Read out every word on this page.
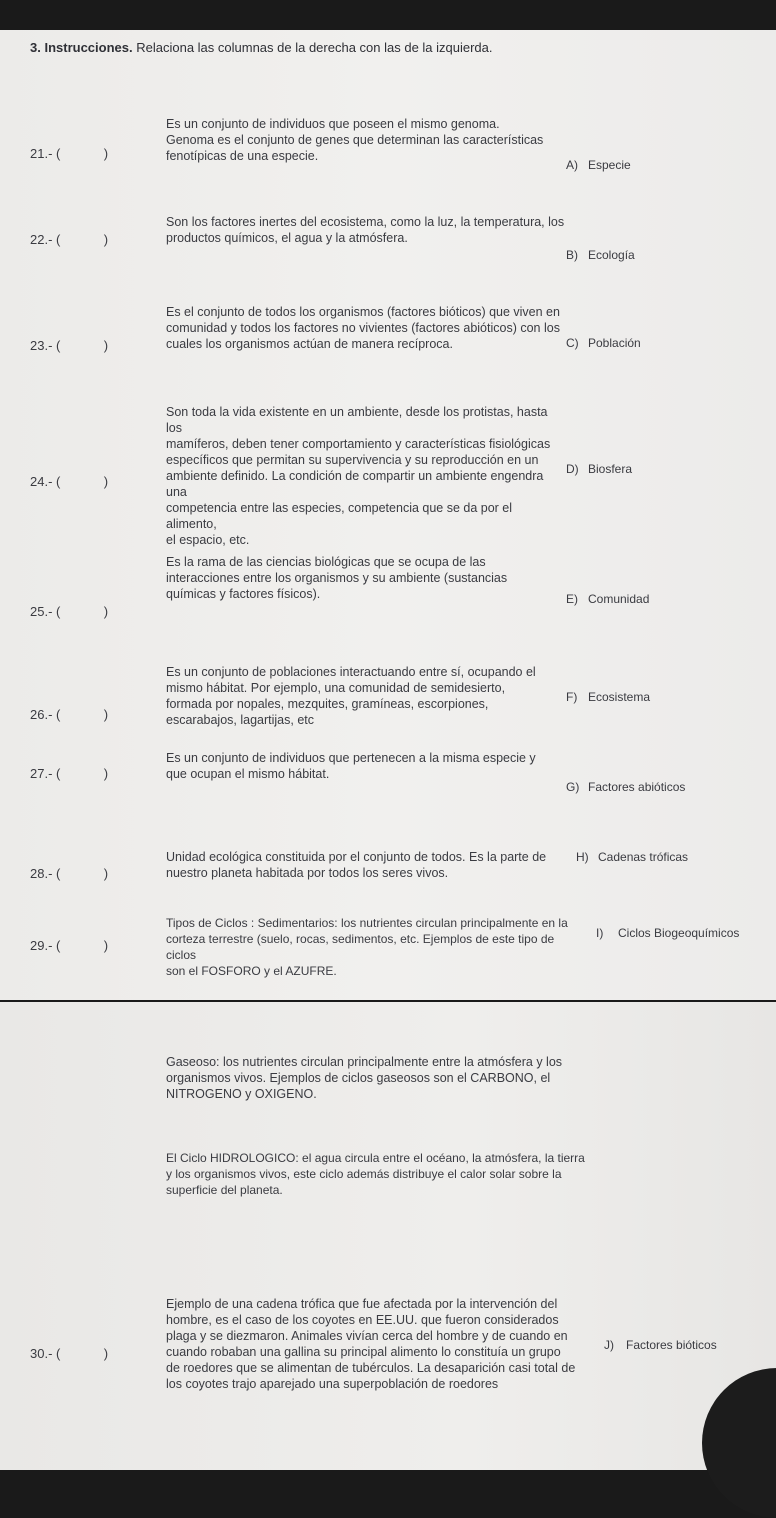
3. Instrucciones. Relaciona las columnas de la derecha con las de la izquierda.
21.- (            )

Es un conjunto de individuos que poseen el mismo genoma.

Genoma es el conjunto de genes que determinan las características

fenotípicas de una especie.

22.- (            )

Son los factores inertes del ecosistema, como la luz, la temperatura, los

productos químicos, el agua y la atmósfera.

23.- (            )

Es el conjunto de todos los organismos (factores bióticos) que viven en

comunidad y todos los factores no vivientes (factores abióticos) con los

cuales los organismos actúan de manera recíproca.

24.- (            )

Son toda la vida existente en un ambiente, desde los protistas, hasta los

mamíferos, deben tener comportamiento y características fisiológicas

específicos que permitan su supervivencia y su reproducción en un

ambiente definido. La condición de compartir un ambiente engendra una

competencia entre las especies, competencia que se da por el alimento,

el espacio, etc.

25.- (            )

Es la rama de las ciencias biológicas que se ocupa de las

interacciones entre los organismos y su ambiente (sustancias

químicas y factores físicos).

26.- (            )

Es un conjunto de poblaciones interactuando entre sí, ocupando el

mismo hábitat. Por ejemplo, una comunidad de semidesierto,

formada por nopales, mezquites, gramíneas, escorpiones,

escarabajos, lagartijas, etc

27.- (            )

Es un conjunto de individuos que pertenecen a la misma especie y

que ocupan el mismo hábitat.

28.- (            )

Unidad ecológica constituida por el conjunto de todos. Es la parte de

nuestro planeta habitada por todos los seres vivos.

29.- (            )

Tipos de Ciclos : Sedimentarios: los nutrientes circulan principalmente en la

corteza terrestre (suelo, rocas, sedimentos, etc. Ejemplos de este tipo de ciclos

son el FOSFORO y el AZUFRE.

Gaseoso: los nutrientes circulan principalmente entre la atmósfera y los

organismos vivos. Ejemplos de ciclos gaseosos son el CARBONO, el

NITROGENO y OXIGENO.

El Ciclo HIDROLOGICO: el agua circula entre el océano, la atmósfera, la tierra

y los organismos vivos, este ciclo además distribuye el calor solar sobre la

superficie del planeta.

30.- (            )

Ejemplo de una cadena trófica que fue afectada por la intervención del

hombre, es el caso de los coyotes en EE.UU. que fueron considerados

plaga y se diezmaron. Animales vivían cerca del hombre y de cuando en

cuando robaban una gallina su principal alimento lo constituía un grupo

de roedores que se alimentan de tubérculos. La desaparición casi total de

los coyotes trajo aparejado una superpoblación de roedores

A) Especie
B) Ecología
C) Población
D) Biosfera
E) Comunidad
F) Ecosistema
G) Factores abióticos
H) Cadenas tróficas
I) Ciclos Biogeoquímicos
J) Factores bióticos
